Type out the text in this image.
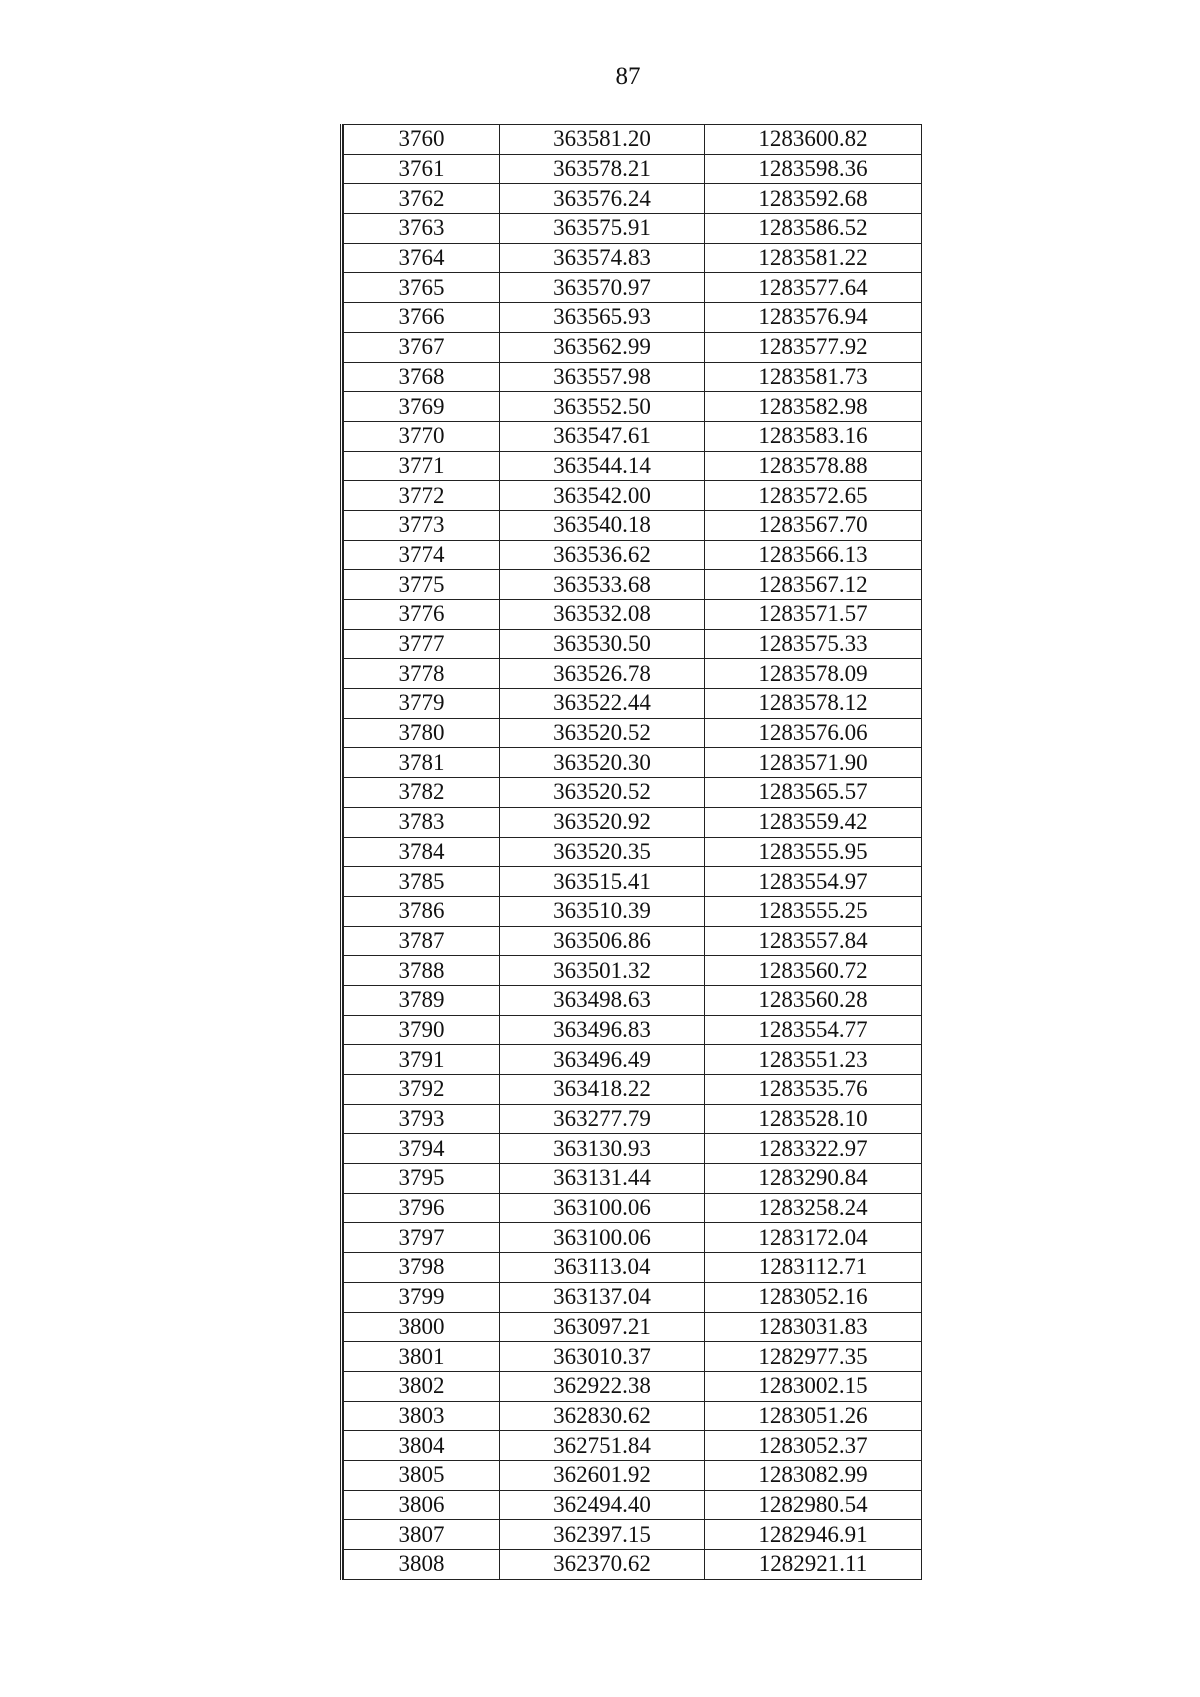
87
3760	363581.20	1283600.82
3761	363578.21	1283598.36
3762	363576.24	1283592.68
3763	363575.91	1283586.52
3764	363574.83	1283581.22
3765	363570.97	1283577.64
3766	363565.93	1283576.94
3767	363562.99	1283577.92
3768	363557.98	1283581.73
3769	363552.50	1283582.98
3770	363547.61	1283583.16
3771	363544.14	1283578.88
3772	363542.00	1283572.65
3773	363540.18	1283567.70
3774	363536.62	1283566.13
3775	363533.68	1283567.12
3776	363532.08	1283571.57
3777	363530.50	1283575.33
3778	363526.78	1283578.09
3779	363522.44	1283578.12
3780	363520.52	1283576.06
3781	363520.30	1283571.90
3782	363520.52	1283565.57
3783	363520.92	1283559.42
3784	363520.35	1283555.95
3785	363515.41	1283554.97
3786	363510.39	1283555.25
3787	363506.86	1283557.84
3788	363501.32	1283560.72
3789	363498.63	1283560.28
3790	363496.83	1283554.77
3791	363496.49	1283551.23
3792	363418.22	1283535.76
3793	363277.79	1283528.10
3794	363130.93	1283322.97
3795	363131.44	1283290.84
3796	363100.06	1283258.24
3797	363100.06	1283172.04
3798	363113.04	1283112.71
3799	363137.04	1283052.16
3800	363097.21	1283031.83
3801	363010.37	1282977.35
3802	362922.38	1283002.15
3803	362830.62	1283051.26
3804	362751.84	1283052.37
3805	362601.92	1283082.99
3806	362494.40	1282980.54
3807	362397.15	1282946.91
3808	362370.62	1282921.11
